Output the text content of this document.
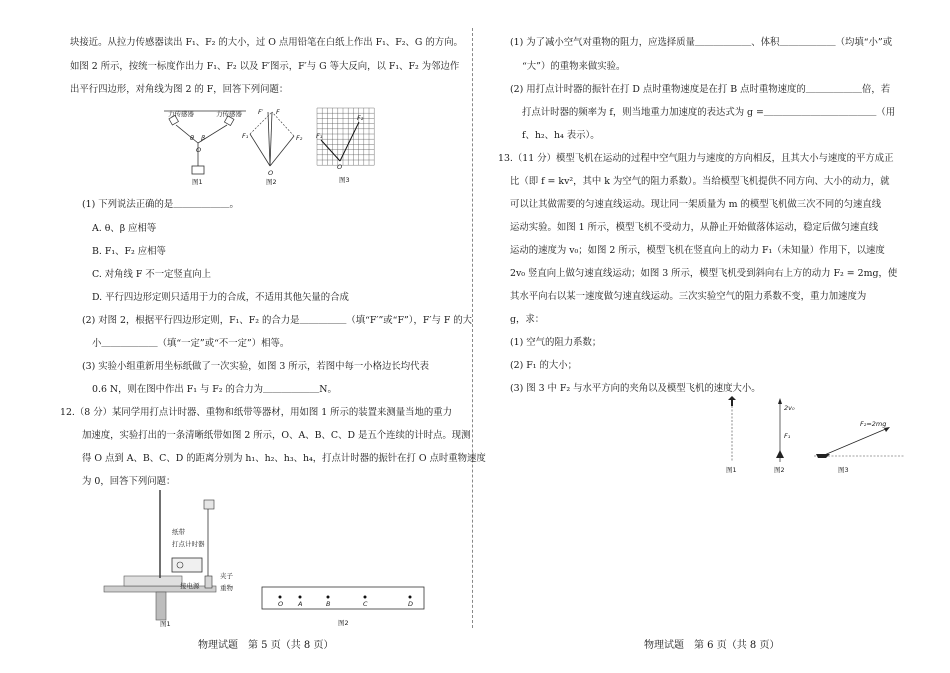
块接近。从拉力传感器读出 F₁、F₂ 的大小，过 O 点用铅笔在白纸上作出 F₁、F₂、G 的方向。
如图 2 所示，按统一标度作出力 F₁、F₂ 以及 F′图示，F′与 G 等大反向，以 F₁、F₂ 为邻边作
出平行四边形，对角线为图 2 的 F，回答下列问题：
力传感器	力传感器
θ β
O
图1
F′ F
F₁	F₂
O
图2
F₁
F₂
O
图3
(1) 下列说法正确的是＿＿＿＿＿＿。
A. θ、β 应相等
B. F₁、F₂ 应相等
C. 对角线 F 不一定竖直向上
D. 平行四边形定则只适用于力的合成，不适用其他矢量的合成
(2) 对图 2，根据平行四边形定则，F₁、F₂ 的合力是＿＿＿＿＿（填“F′”或“F”），F′与 F 的大
小＿＿＿＿＿＿（填“一定”或“不一定”）相等。
(3) 实验小组重新用坐标纸做了一次实验，如图 3 所示，若图中每一小格边长均代表
0.6 N，则在图中作出 F₁ 与 F₂ 的合力为＿＿＿＿＿＿N。
12.（8 分）某同学用打点计时器、重物和纸带等器材，用如图 1 所示的装置来测量当地的重力
加速度，实验打出的一条清晰纸带如图 2 所示，O、A、B、C、D 是五个连续的计时点。现测
得 O 点到 A、B、C、D 的距离分别为 h₁、h₂、h₃、h₄，打点计时器的振针在打 O 点时重物速度
为 0，回答下列问题：
纸带
打点计时器
夹子
接电源	重物
图1
O A	B	C	D
图2
物理试题　第 5 页（共 8 页）
(1) 为了减小空气对重物的阻力，应选择质量＿＿＿＿＿＿、体积＿＿＿＿＿＿（均填“小”或
“大”）的重物来做实验。
(2) 用打点计时器的振针在打 D 点时重物速度是在打 B 点时重物速度的＿＿＿＿＿＿倍，若
打点计时器的频率为 f，则当地重力加速度的表达式为 g =＿＿＿＿＿＿＿＿＿＿＿＿（用
f、h₂、h₄ 表示）。
13.（11 分）模型飞机在运动的过程中空气阻力与速度的方向相反，且其大小与速度的平方成正
比（即 f = kv²，其中 k 为空气的阻力系数）。当给模型飞机提供不同方向、大小的动力，就
可以让其做需要的匀速直线运动。现让同一架质量为 m 的模型飞机做三次不同的匀速直线
运动实验。如图 1 所示，模型飞机不受动力，从静止开始做落体运动，稳定后做匀速直线
运动的速度为 v₀；如图 2 所示，模型飞机在竖直向上的动力 F₁（未知量）作用下，以速度
2v₀ 竖直向上做匀速直线运动；如图 3 所示，模型飞机受到斜向右上方的动力 F₂ = 2mg，使
其水平向右以某一速度做匀速直线运动。三次实验空气的阻力系数不变，重力加速度为
g，求：
(1) 空气的阻力系数；
(2) F₁ 的大小；
(3) 图 3 中 F₂ 与水平方向的夹角以及模型飞机的速度大小。
图1
2v₀
F₁
图2
F₂=2mg
图3
物理试题　第 6 页（共 8 页）
